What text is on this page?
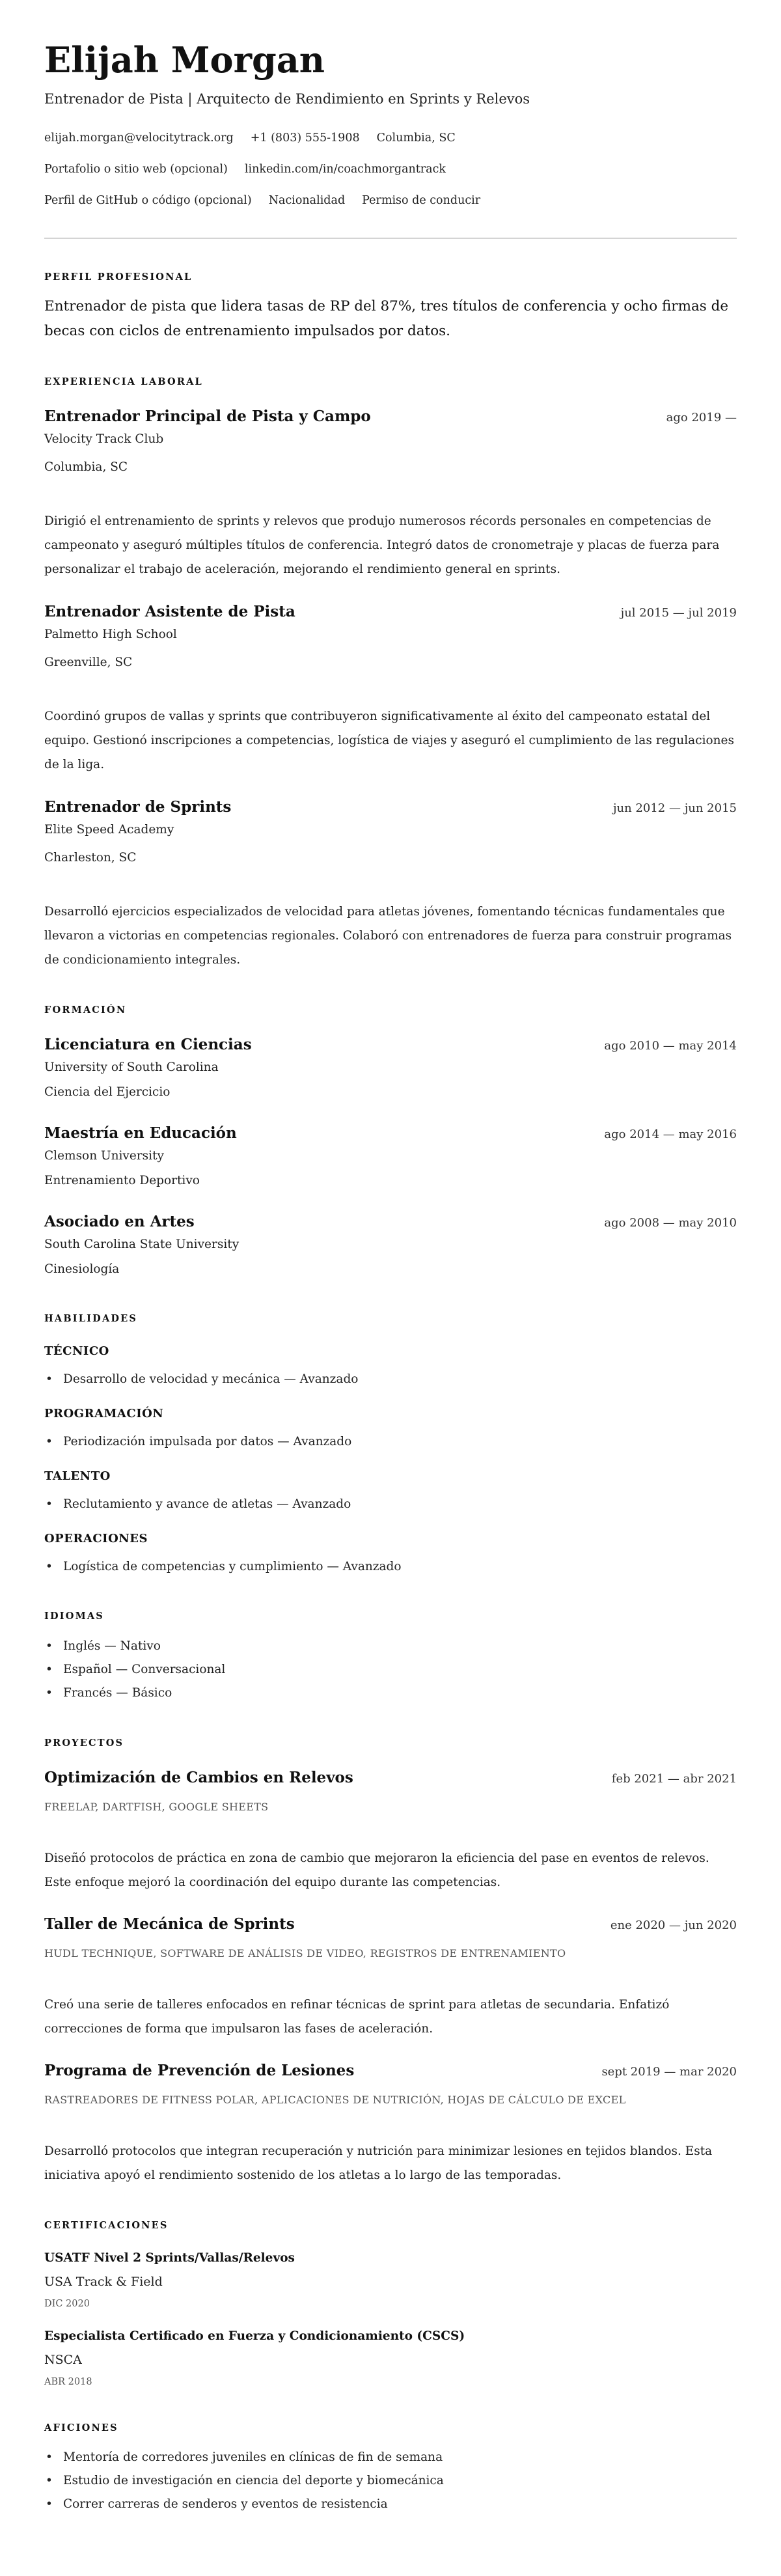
Elijah Morgan
Entrenador de Pista | Arquitecto de Rendimiento en Sprints y Relevos
elijah.morgan@velocitytrack.org +1 (803) 555-1908 Columbia, SC
Portafolio o sitio web (opcional) linkedin.com/in/coachmorgantrack
Perfil de GitHub o código (opcional) Nacionalidad Permiso de conducir
PERFIL PROFESIONAL
Entrenador de pista que lidera tasas de RP del 87%, tres títulos de conferencia y ocho firmas de becas con ciclos de entrenamiento impulsados por datos.
EXPERIENCIA LABORAL
Entrenador Principal de Pista y Campo	ago 2019 —
Velocity Track Club
Columbia, SC
Dirigió el entrenamiento de sprints y relevos que produjo numerosos récords personales en competencias de campeonato y aseguró múltiples títulos de conferencia. Integró datos de cronometraje y placas de fuerza para personalizar el trabajo de aceleración, mejorando el rendimiento general en sprints.
Entrenador Asistente de Pista	jul 2015 — jul 2019
Palmetto High School
Greenville, SC
Coordinó grupos de vallas y sprints que contribuyeron significativamente al éxito del campeonato estatal del equipo. Gestionó inscripciones a competencias, logística de viajes y aseguró el cumplimiento de las regulaciones de la liga.
Entrenador de Sprints	jun 2012 — jun 2015
Elite Speed Academy
Charleston, SC
Desarrolló ejercicios especializados de velocidad para atletas jóvenes, fomentando técnicas fundamentales que llevaron a victorias en competencias regionales. Colaboró con entrenadores de fuerza para construir programas de condicionamiento integrales.
FORMACIÓN
Licenciatura en Ciencias	ago 2010 — may 2014
University of South Carolina
Ciencia del Ejercicio
Maestría en Educación	ago 2014 — may 2016
Clemson University
Entrenamiento Deportivo
Asociado en Artes	ago 2008 — may 2010
South Carolina State University
Cinesiología
HABILIDADES
TÉCNICO
• Desarrollo de velocidad y mecánica — Avanzado
PROGRAMACIÓN
• Periodización impulsada por datos — Avanzado
TALENTO
• Reclutamiento y avance de atletas — Avanzado
OPERACIONES
• Logística de competencias y cumplimiento — Avanzado
IDIOMAS
• Inglés — Nativo
• Español — Conversacional
• Francés — Básico
PROYECTOS
Optimización de Cambios en Relevos	feb 2021 — abr 2021
FREELAP, DARTFISH, GOOGLE SHEETS
Diseñó protocolos de práctica en zona de cambio que mejoraron la eficiencia del pase en eventos de relevos. Este enfoque mejoró la coordinación del equipo durante las competencias.
Taller de Mecánica de Sprints	ene 2020 — jun 2020
HUDL TECHNIQUE, SOFTWARE DE ANÁLISIS DE VIDEO, REGISTROS DE ENTRENAMIENTO
Creó una serie de talleres enfocados en refinar técnicas de sprint para atletas de secundaria. Enfatizó correcciones de forma que impulsaron las fases de aceleración.
Programa de Prevención de Lesiones	sept 2019 — mar 2020
RASTREADORES DE FITNESS POLAR, APLICACIONES DE NUTRICIÓN, HOJAS DE CÁLCULO DE EXCEL
Desarrolló protocolos que integran recuperación y nutrición para minimizar lesiones en tejidos blandos. Esta iniciativa apoyó el rendimiento sostenido de los atletas a lo largo de las temporadas.
CERTIFICACIONES
USATF Nivel 2 Sprints/Vallas/Relevos
USA Track & Field
DIC 2020
Especialista Certificado en Fuerza y Condicionamiento (CSCS)
NSCA
ABR 2018
AFICIONES
• Mentoría de corredores juveniles en clínicas de fin de semana
• Estudio de investigación en ciencia del deporte y biomecánica
• Correr carreras de senderos y eventos de resistencia
